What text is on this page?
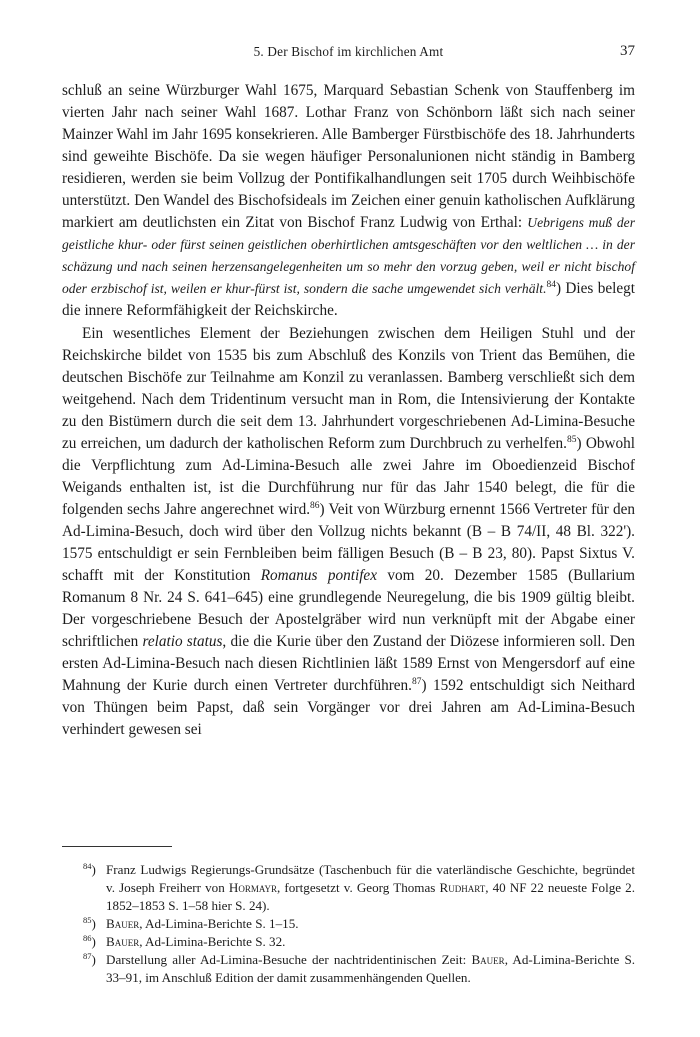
5. Der Bischof im kirchlichen Amt	37

schluß an seine Würzburger Wahl 1675, Marquard Sebastian Schenk von Stauffenberg im vierten Jahr nach seiner Wahl 1687. Lothar Franz von Schönborn läßt sich nach seiner Mainzer Wahl im Jahr 1695 konsekrieren. Alle Bamberger Fürstbischöfe des 18. Jahrhunderts sind geweihte Bischöfe. Da sie wegen häufiger Personalunionen nicht ständig in Bamberg residieren, werden sie beim Vollzug der Pontifikalhandlungen seit 1705 durch Weihbischöfe unterstützt. Den Wandel des Bischofsideals im Zeichen einer genuin katholischen Aufklärung markiert am deutlichsten ein Zitat von Bischof Franz Ludwig von Erthal: Uebrigens muß der geistliche khur- oder fürst seinen geistlichen oberhirtlichen amtsgeschäften vor den weltlichen … in der schäzung und nach seinen herzensangelegenheiten um so mehr den vorzug geben, weil er nicht bischof oder erzbischof ist, weilen er khur-fürst ist, sondern die sache umgewendet sich verhält.$^{84}$) Dies belegt die innere Reformfähigkeit der Reichskirche.

Ein wesentliches Element der Beziehungen zwischen dem Heiligen Stuhl und der Reichskirche bildet von 1535 bis zum Abschluß des Konzils von Trient das Bemühen, die deutschen Bischöfe zur Teilnahme am Konzil zu veranlassen. Bamberg verschließt sich dem weitgehend. Nach dem Tridentinum versucht man in Rom, die Intensivierung der Kontakte zu den Bistümern durch die seit dem 13. Jahrhundert vorgeschriebenen Ad-Limina-Besuche zu erreichen, um dadurch der katholischen Reform zum Durchbruch zu verhelfen.$^{85}$) Obwohl die Verpflichtung zum Ad-Limina-Besuch alle zwei Jahre im Oboedienzeid Bischof Weigands enthalten ist, ist die Durchführung nur für das Jahr 1540 belegt, die für die folgenden sechs Jahre angerechnet wird.$^{86}$) Veit von Würzburg ernennt 1566 Vertreter für den Ad-Limina-Besuch, doch wird über den Vollzug nichts bekannt (B – B 74/II, 48 Bl. 322'). 1575 entschuldigt er sein Fernbleiben beim fälligen Besuch (B – B 23, 80). Papst Sixtus V. schafft mit der Konstitution Romanus pontifex vom 20. Dezember 1585 (Bullarium Romanum 8 Nr. 24 S. 641–645) eine grundlegende Neuregelung, die bis 1909 gültig bleibt. Der vorgeschriebene Besuch der Apostelgräber wird nun verknüpft mit der Abgabe einer schriftlichen relatio status, die die Kurie über den Zustand der Diözese informieren soll. Den ersten Ad-Limina-Besuch nach diesen Richtlinien läßt 1589 Ernst von Mengersdorf auf eine Mahnung der Kurie durch einen Vertreter durchführen.$^{87}$) 1592 entschuldigt sich Neithard von Thüngen beim Papst, daß sein Vorgänger vor drei Jahren am Ad-Limina-Besuch verhindert gewesen sei

$^{84}$) Franz Ludwigs Regierungs-Grundsätze (Taschenbuch für die vaterländische Geschichte, begründet v. Joseph Freiherr von Hormayr, fortgesetzt v. Georg Thomas Rudhart, 40 NF 22 neueste Folge 2. 1852–1853 S. 1–58 hier S. 24).
$^{85}$) Bauer, Ad-Limina-Berichte S. 1–15.
$^{86}$) Bauer, Ad-Limina-Berichte S. 32.
$^{87}$) Darstellung aller Ad-Limina-Besuche der nachtridentinischen Zeit: Bauer, Ad-Limina-Berichte S. 33–91, im Anschluß Edition der damit zusammenhängenden Quellen.
